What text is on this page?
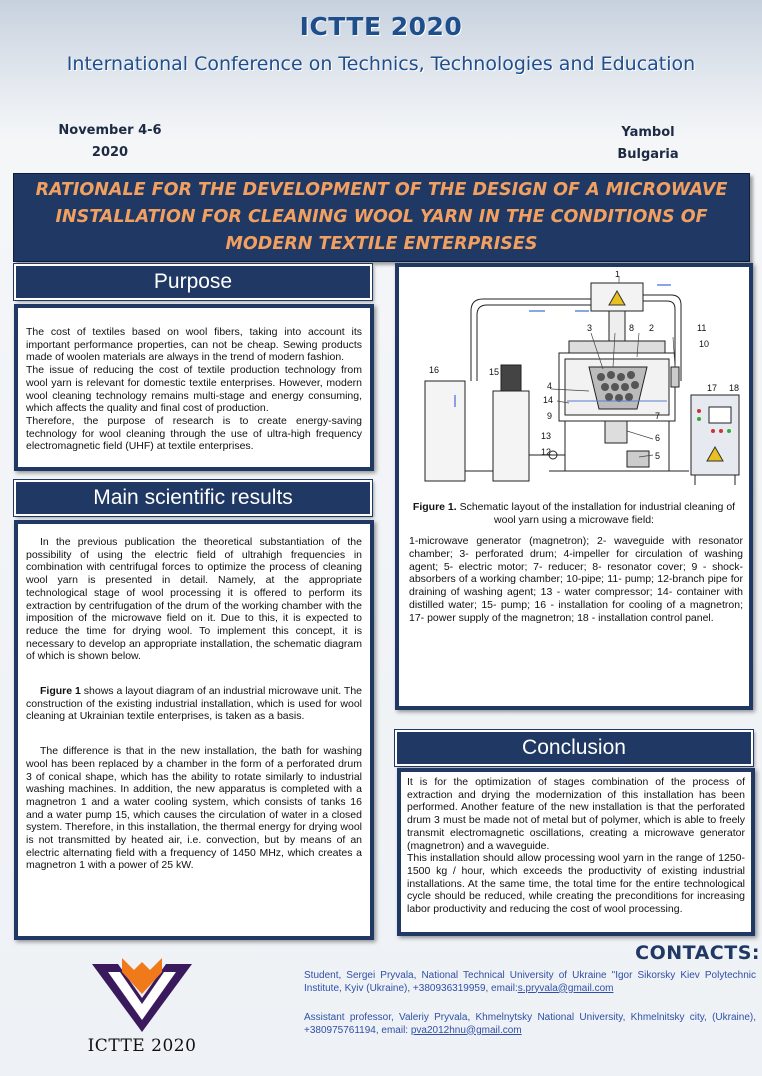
ICTTE 2020
International Conference on Technics, Technologies and Education
November 4-6
2020
Yambol
Bulgaria
RATIONALE FOR THE DEVELOPMENT OF THE DESIGN OF A MICROWAVE INSTALLATION FOR CLEANING WOOL YARN IN THE CONDITIONS OF MODERN TEXTILE ENTERPRISES
Purpose

The cost of textiles based on wool fibers, taking into account its important performance properties, can not be cheap. Sewing products made of woolen materials are always in the trend of modern fashion.

The issue of reducing the cost of textile production technology from wool yarn is relevant for domestic textile enterprises. However, modern wool cleaning technology remains multi-stage and energy consuming, which affects the quality and final cost of production.

Therefore, the purpose of research is to create energy-saving technology for wool cleaning through the use of ultra-high frequency electromagnetic field (UHF) at textile enterprises.

Main scientific results

In the previous publication the theoretical substantiation of the possibility of using the electric field of ultrahigh frequencies in combination with centrifugal forces to optimize the process of cleaning wool yarn is presented in detail. Namely, at the appropriate technological stage of wool processing it is offered to perform its extraction by centrifugation of the drum of the working chamber with the imposition of the microwave field on it. Due to this, it is expected to reduce the time for drying wool. To implement this concept, it is necessary to develop an appropriate installation, the schematic diagram of which is shown below.

Figure 1 shows a layout diagram of an industrial microwave unit. The construction of the existing industrial installation, which is used for wool cleaning at Ukrainian textile enterprises, is taken as a basis.

The difference is that in the new installation, the bath for washing wool has been replaced by a chamber in the form of a perforated drum 3 of conical shape, which has the ability to rotate similarly to industrial washing machines. In addition, the new apparatus is completed with a magnetron 1 and a water cooling system, which consists of tanks 16 and a water pump 15, which causes the circulation of water in a closed system. Therefore, in this installation, the thermal energy for drying wool is not transmitted by heated air, i.e. convection, but by means of an electric alternating field with a frequency of 1450 MHz, which creates a magnetron 1 with a power of 25 kW.

1
2
3	8	11
10
16	15
4
14
9
13
12
7
6
5
17 18
Figure 1. Schematic layout of the installation for industrial cleaning of wool yarn using a microwave field:
1-microwave generator (magnetron); 2- waveguide with resonator chamber; 3- perforated drum; 4-impeller for circulation of washing agent; 5- electric motor; 7- reducer; 8- resonator cover; 9 - shock-absorbers of a working chamber; 10-pipe; 11- pump; 12-branch pipe for draining of washing agent; 13 - water compressor; 14- container with distilled water; 15- pump; 16 - installation for cooling of a magnetron; 17- power supply of the magnetron; 18 - installation control panel.
Conclusion

It is for the optimization of stages combination of the process of extraction and drying the modernization of this installation has been performed. Another feature of the new installation is that the perforated drum 3 must be made not of metal but of polymer, which is able to freely transmit electromagnetic oscillations, creating a microwave generator (magnetron) and a waveguide.

This installation should allow processing wool yarn in the range of 1250-1500 kg / hour, which exceeds the productivity of existing industrial installations. At the same time, the total time for the entire technological cycle should be reduced, while creating the preconditions for increasing labor productivity and reducing the cost of wool processing.

CONTACTS:
Student, Sergei Pryvala, National Technical University of Ukraine "Igor Sikorsky Kiev Polytechnic Institute, Kyiv (Ukraine), +380936319959, email:s.pryvala@gmail.com
Assistant professor, Valeriy Pryvala, Khmelnytsky National University, Khmelnitsky city, (Ukraine), +380975761194, email: pva2012hnu@gmail.com
ICTTE 2020
